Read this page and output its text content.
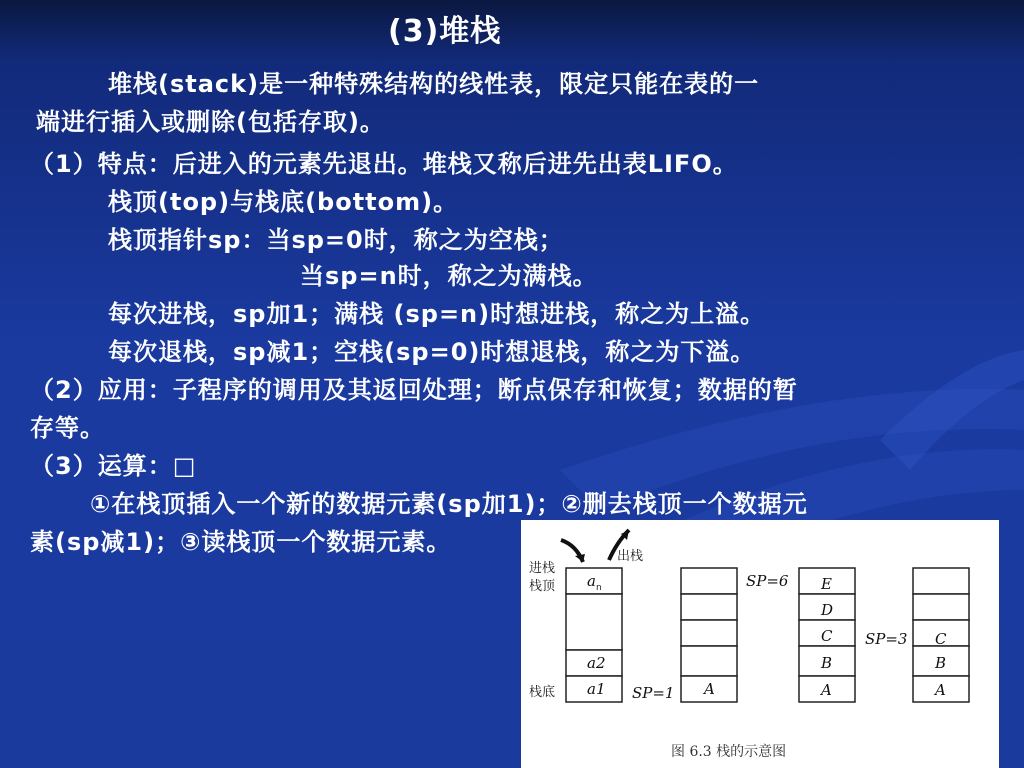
(3)堆栈
堆栈(stack)是一种特殊结构的线性表，限定只能在表的一
端进行插入或删除(包括存取)。
（1）特点：后进入的元素先退出。堆栈又称后进先出表LIFO。
栈顶(top)与栈底(bottom)。
栈顶指针sp：当sp=0时，称之为空栈；
当sp=n时，称之为满栈。
每次进栈，sp加1；满栈 (sp=n)时想进栈，称之为上溢。
每次退栈，sp减1；空栈(sp=0)时想退栈，称之为下溢。
（2）应用：子程序的调用及其返回处理；断点保存和恢复；数据的暂
存等。
（3）运算：□
①在栈顶插入一个新的数据元素(sp加1)；②删去栈顶一个数据元
素(sp减1)；③读栈顶一个数据元素。
出栈
进栈
栈顶
栈底
a n
a2
a1 SP=1 A
SP=6 E
D
C
B
A
SP=3 C
B
A
图 6.3 栈的示意图
